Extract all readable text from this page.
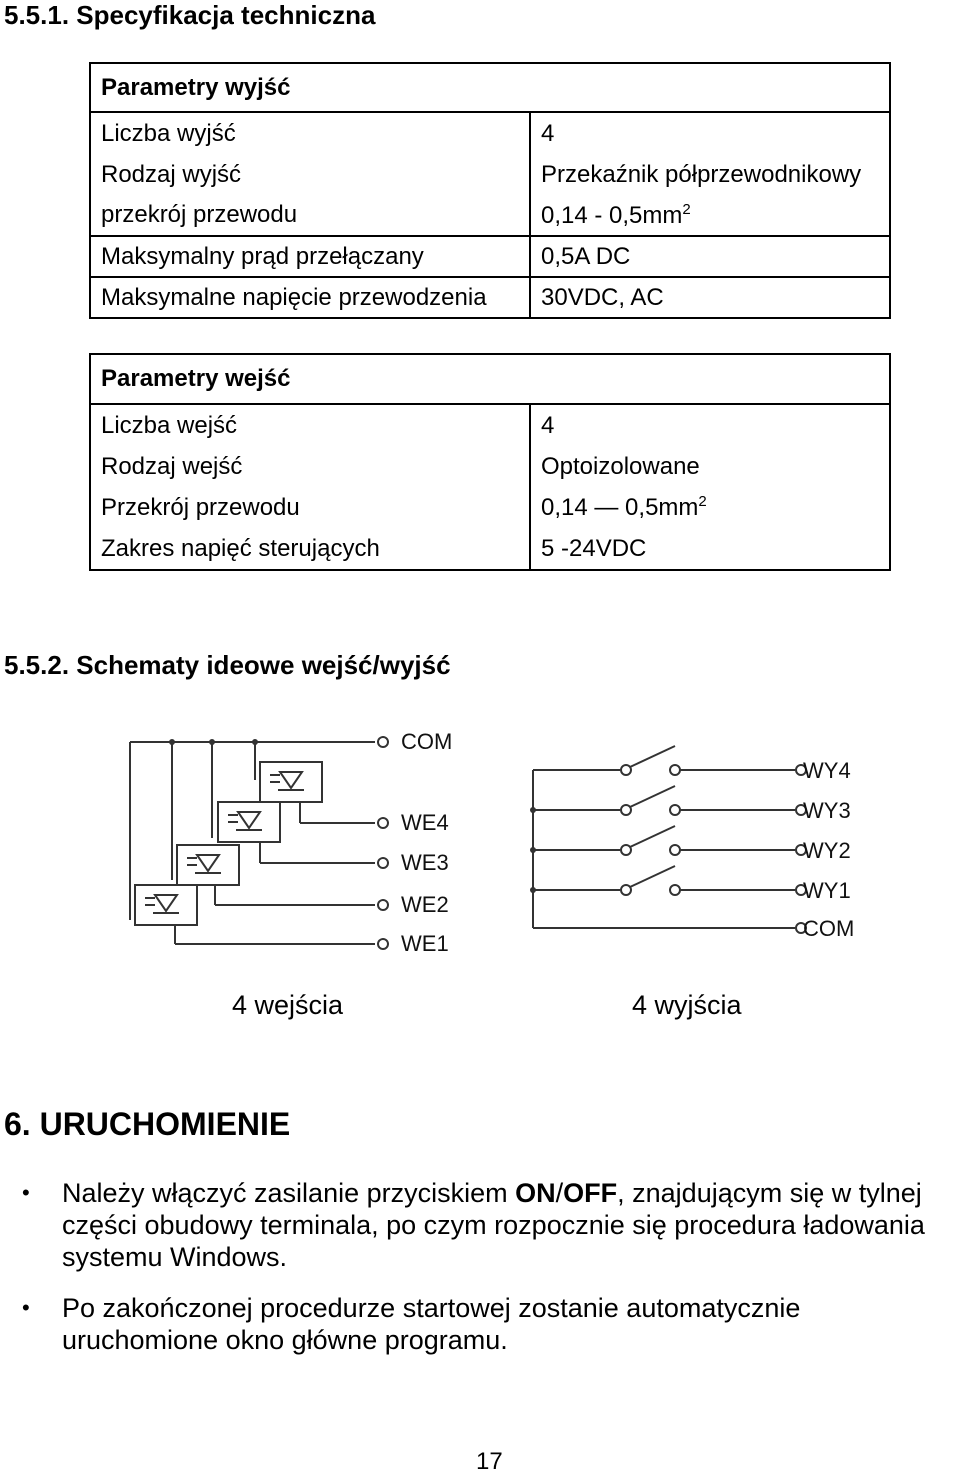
5.5.1. Specyfikacja techniczna
Parametry wyjść	
Liczba wyjść	4
Rodzaj wyjść	Przekaźnik półprzewodnikowy
przekrój przewodu	$0,14 - 0,5mm^2$
Maksymalny prąd przełączany	0,5A DC
Maksymalne napięcie przewodzenia	30VDC, AC
Parametry wejść	
Liczba wejść	4
Rodzaj wejść	Optoizolowane
Przekrój przewodu	0,14 — $0,5mm^2$
Zakres napięć sterujących	5 -24VDC
5.5.2. Schematy ideowe wejść/wyjść
COM
WE4
WE3
WE2
WE1
WY4
WY3
WY2
WY1
COM
4 wejścia	4 wyjścia
6. URUCHOMIENIE
• Należy włączyć zasilanie przyciskiem ON/OFF, znajdującym się w tylnej części obudowy terminala, po czym rozpocznie się procedura ładowania systemu Windows.
• Po zakończonej procedurze startowej zostanie automatycznie uruchomione okno główne programu.
17
